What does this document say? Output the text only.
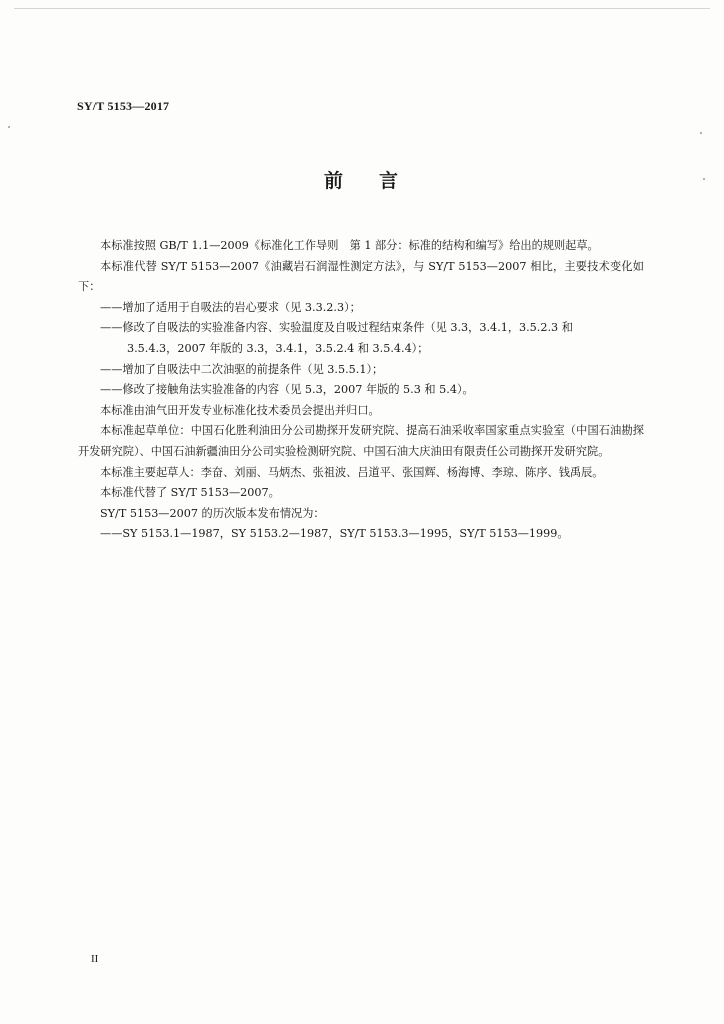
SY/T 5153—2017
前 言

本标准按照 GB/T 1.1—2009《标准化工作导则　第 1 部分：标准的结构和编写》给出的规则起草。

本标准代替 SY/T 5153—2007《油藏岩石润湿性测定方法》，与 SY/T 5153—2007 相比，主要技术变化如下：

——增加了适用于自吸法的岩心要求（见 3.3.2.3）；

——修改了自吸法的实验准备内容、实验温度及自吸过程结束条件（见 3.3，3.4.1，3.5.2.3 和

3.5.4.3，2007 年版的 3.3，3.4.1，3.5.2.4 和 3.5.4.4）；

——增加了自吸法中二次油驱的前提条件（见 3.5.5.1）；

——修改了接触角法实验准备的内容（见 5.3，2007 年版的 5.3 和 5.4）。

本标准由油气田开发专业标准化技术委员会提出并归口。

本标准起草单位：中国石化胜利油田分公司勘探开发研究院、提高石油采收率国家重点实验室（中国石油勘探开发研究院）、中国石油新疆油田分公司实验检测研究院、中国石油大庆油田有限责任公司勘探开发研究院。

本标准主要起草人：李奋、刘丽、马炳杰、张祖波、吕道平、张国辉、杨海博、李琼、陈序、钱禹辰。

本标准代替了 SY/T 5153—2007。

SY/T 5153—2007 的历次版本发布情况为：

——SY 5153.1—1987，SY 5153.2—1987，SY/T 5153.3—1995，SY/T 5153—1999。

II
